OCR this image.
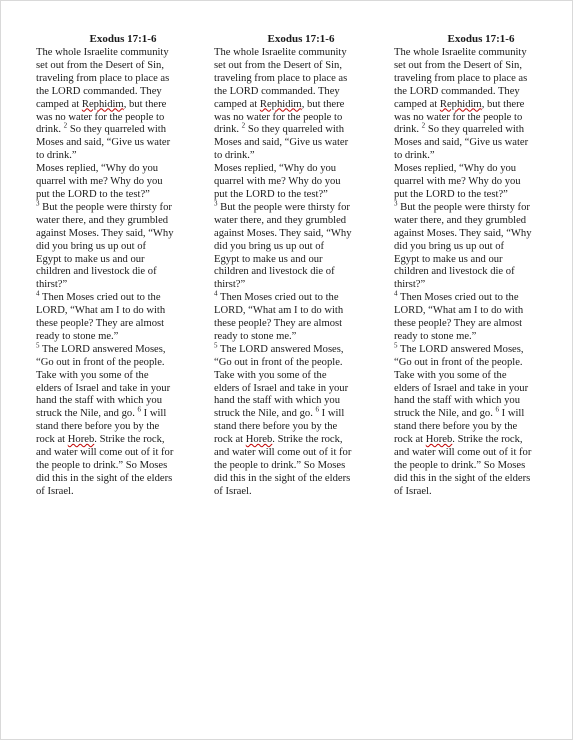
Exodus 17:1-6

The whole Israelite community
set out from the Desert of Sin,
traveling from place to place as
the LORD commanded. They
camped at Rephidim, but there
was no water for the people to
drink. $^2$ So they quarreled with
Moses and said, “Give us water
to drink.”
Moses replied, “Why do you
quarrel with me? Why do you
put the LORD to the test?”

$^3$ But the people were thirsty for
water there, and they grumbled
against Moses. They said, “Why
did you bring us up out of
Egypt to make us and our
children and livestock die of
thirst?”

$^4$ Then Moses cried out to the
LORD, “What am I to do with
these people? They are almost
ready to stone me.”

$^5$ The LORD answered Moses,
“Go out in front of the people.
Take with you some of the
elders of Israel and take in your
hand the staff with which you
struck the Nile, and go. $^6$ I will
stand there before you by the
rock at Horeb. Strike the rock,
and water will come out of it for
the people to drink.” So Moses
did this in the sight of the elders
of Israel.

Exodus 17:1-6

The whole Israelite community
set out from the Desert of Sin,
traveling from place to place as
the LORD commanded. They
camped at Rephidim, but there
was no water for the people to
drink. $^2$ So they quarreled with
Moses and said, “Give us water
to drink.”
Moses replied, “Why do you
quarrel with me? Why do you
put the LORD to the test?”

$^3$ But the people were thirsty for
water there, and they grumbled
against Moses. They said, “Why
did you bring us up out of
Egypt to make us and our
children and livestock die of
thirst?”

$^4$ Then Moses cried out to the
LORD, “What am I to do with
these people? They are almost
ready to stone me.”

$^5$ The LORD answered Moses,
“Go out in front of the people.
Take with you some of the
elders of Israel and take in your
hand the staff with which you
struck the Nile, and go. $^6$ I will
stand there before you by the
rock at Horeb. Strike the rock,
and water will come out of it for
the people to drink.” So Moses
did this in the sight of the elders
of Israel.

Exodus 17:1-6

The whole Israelite community
set out from the Desert of Sin,
traveling from place to place as
the LORD commanded. They
camped at Rephidim, but there
was no water for the people to
drink. $^2$ So they quarreled with
Moses and said, “Give us water
to drink.”
Moses replied, “Why do you
quarrel with me? Why do you
put the LORD to the test?”

$^3$ But the people were thirsty for
water there, and they grumbled
against Moses. They said, “Why
did you bring us up out of
Egypt to make us and our
children and livestock die of
thirst?”

$^4$ Then Moses cried out to the
LORD, “What am I to do with
these people? They are almost
ready to stone me.”

$^5$ The LORD answered Moses,
“Go out in front of the people.
Take with you some of the
elders of Israel and take in your
hand the staff with which you
struck the Nile, and go. $^6$ I will
stand there before you by the
rock at Horeb. Strike the rock,
and water will come out of it for
the people to drink.” So Moses
did this in the sight of the elders
of Israel.
